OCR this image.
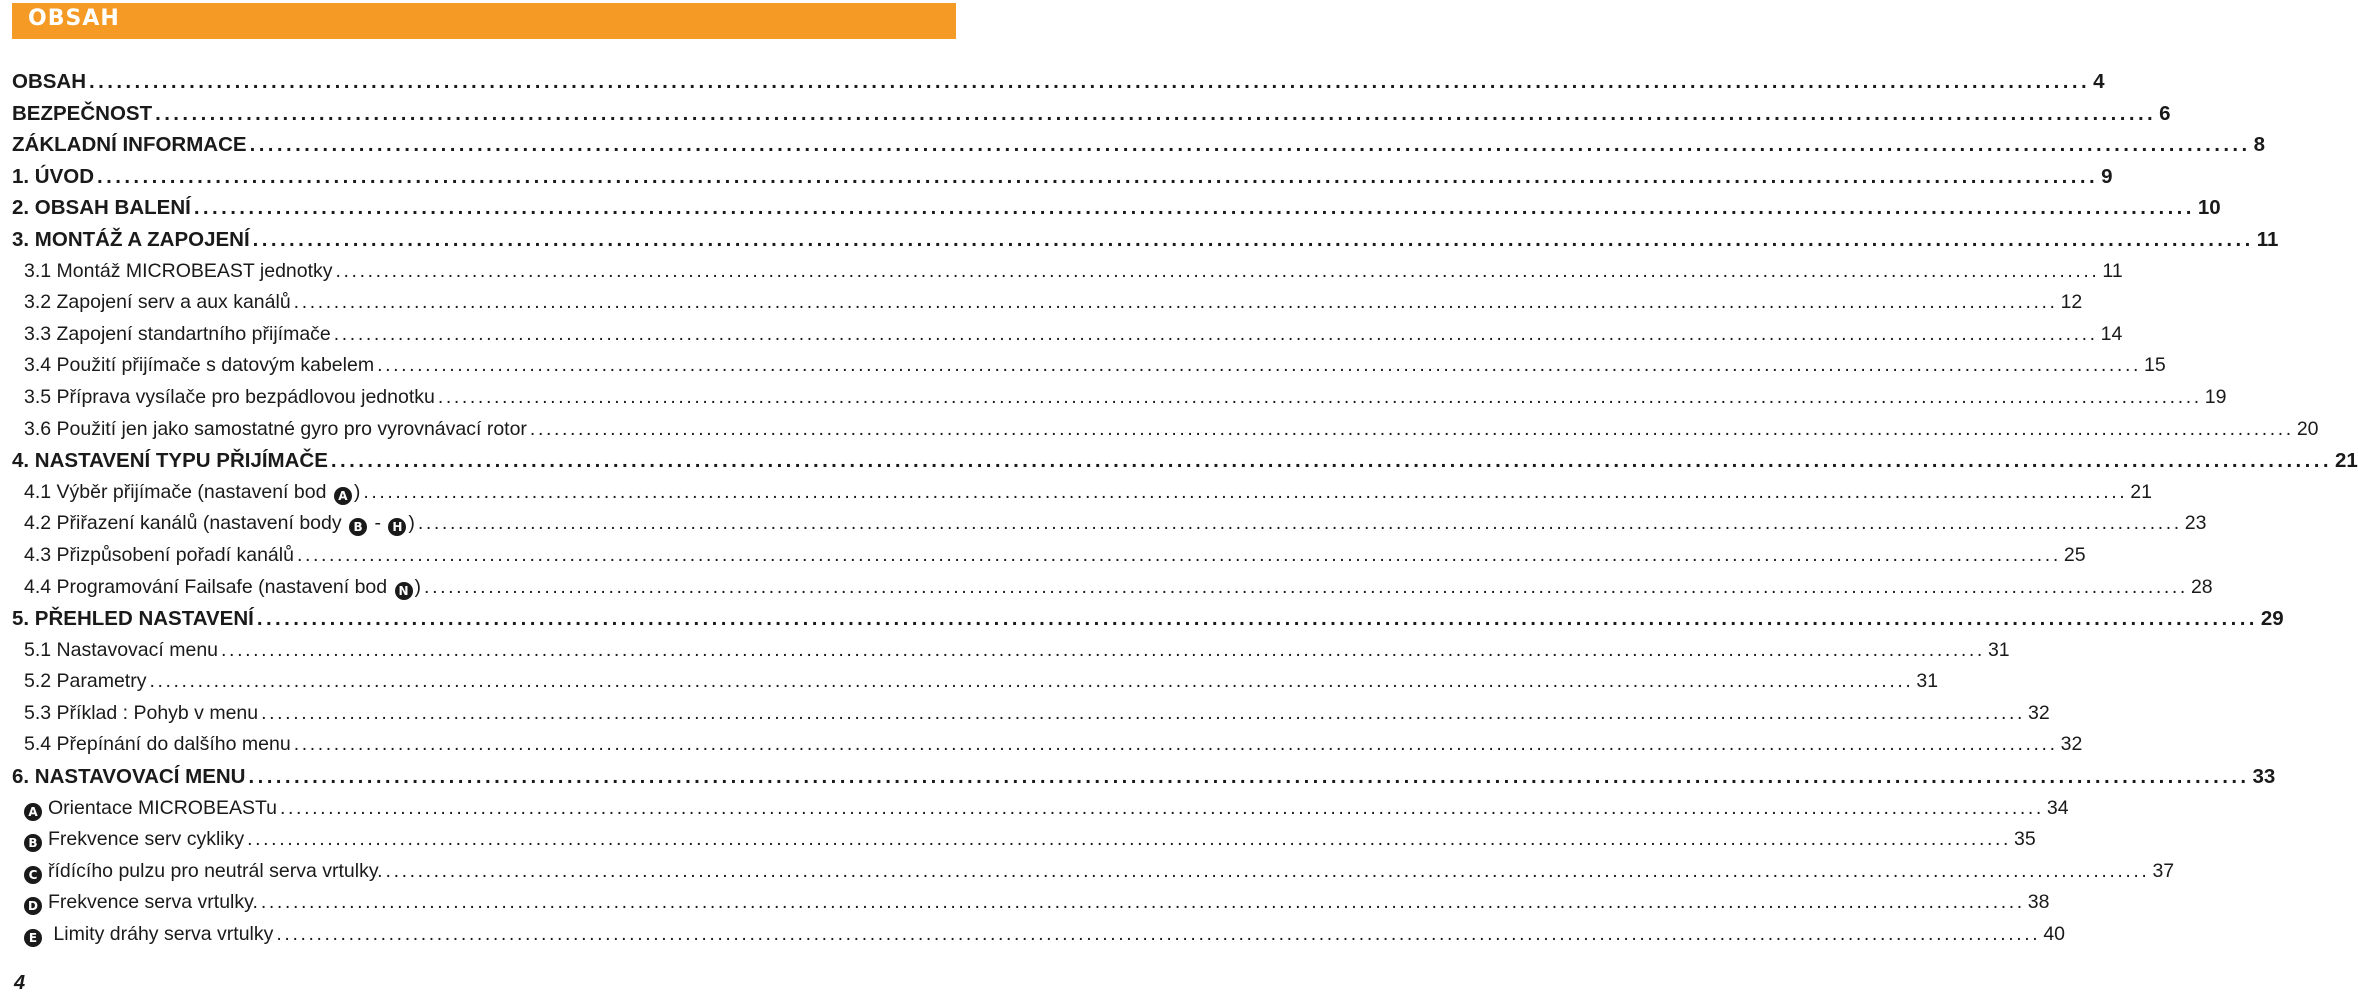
OBSAH
OBSAH ............................................................................................................................................................................................................................ 4
BEZPEČNOST ............................................................................................................................................................................................................................ 6
ZÁKLADNÍ INFORMACE ............................................................................................................................................................................................................................ 8
1. ÚVOD ............................................................................................................................................................................................................................ 9
2. OBSAH BALENÍ ............................................................................................................................................................................................................................ 10
3. MONTÁŽ A ZAPOJENÍ ............................................................................................................................................................................................................................ 11
3.1 Montáž MICROBEAST jednotky ............................................................................................................................................................................................................................ 11
3.2 Zapojení serv a aux kanálů ............................................................................................................................................................................................................................ 12
3.3 Zapojení standartního přijímače ............................................................................................................................................................................................................................ 14
3.4 Použití přijímače s datovým kabelem ............................................................................................................................................................................................................................ 15
3.5 Příprava vysílače pro bezpádlovou jednotku ............................................................................................................................................................................................................................ 19
3.6 Použití jen jako samostatné gyro pro vyrovnávací rotor ............................................................................................................................................................................................................................ 20
4. NASTAVENÍ TYPU PŘIJÍMAČE ............................................................................................................................................................................................................................ 21
4.1 Výběr přijímače (nastavení bod A ) ............................................................................................................................................................................................................................ 21
4.2 Přiřazení kanálů (nastavení body B - H ) ............................................................................................................................................................................................................................ 23
4.3 Přizpůsobení pořadí kanálů ............................................................................................................................................................................................................................ 25
4.4 Programování Failsafe (nastavení bod N ) ............................................................................................................................................................................................................................ 28
5. PŘEHLED NASTAVENÍ ............................................................................................................................................................................................................................ 29
5.1 Nastavovací menu ............................................................................................................................................................................................................................ 31
5.2 Parametry ............................................................................................................................................................................................................................ 31
5.3 Příklad : Pohyb v menu ............................................................................................................................................................................................................................ 32
5.4 Přepínání do dalšího menu ............................................................................................................................................................................................................................ 32
6. NASTAVOVACÍ MENU ............................................................................................................................................................................................................................ 33
A Orientace MICROBEASTu ............................................................................................................................................................................................................................ 34
B Frekvence serv cykliky ............................................................................................................................................................................................................................ 35
C řídícího pulzu pro neutrál serva vrtulky. ............................................................................................................................................................................................................................ 37
D Frekvence serva vrtulky. ............................................................................................................................................................................................................................ 38
E Limity dráhy serva vrtulky ............................................................................................................................................................................................................................ 40
4
